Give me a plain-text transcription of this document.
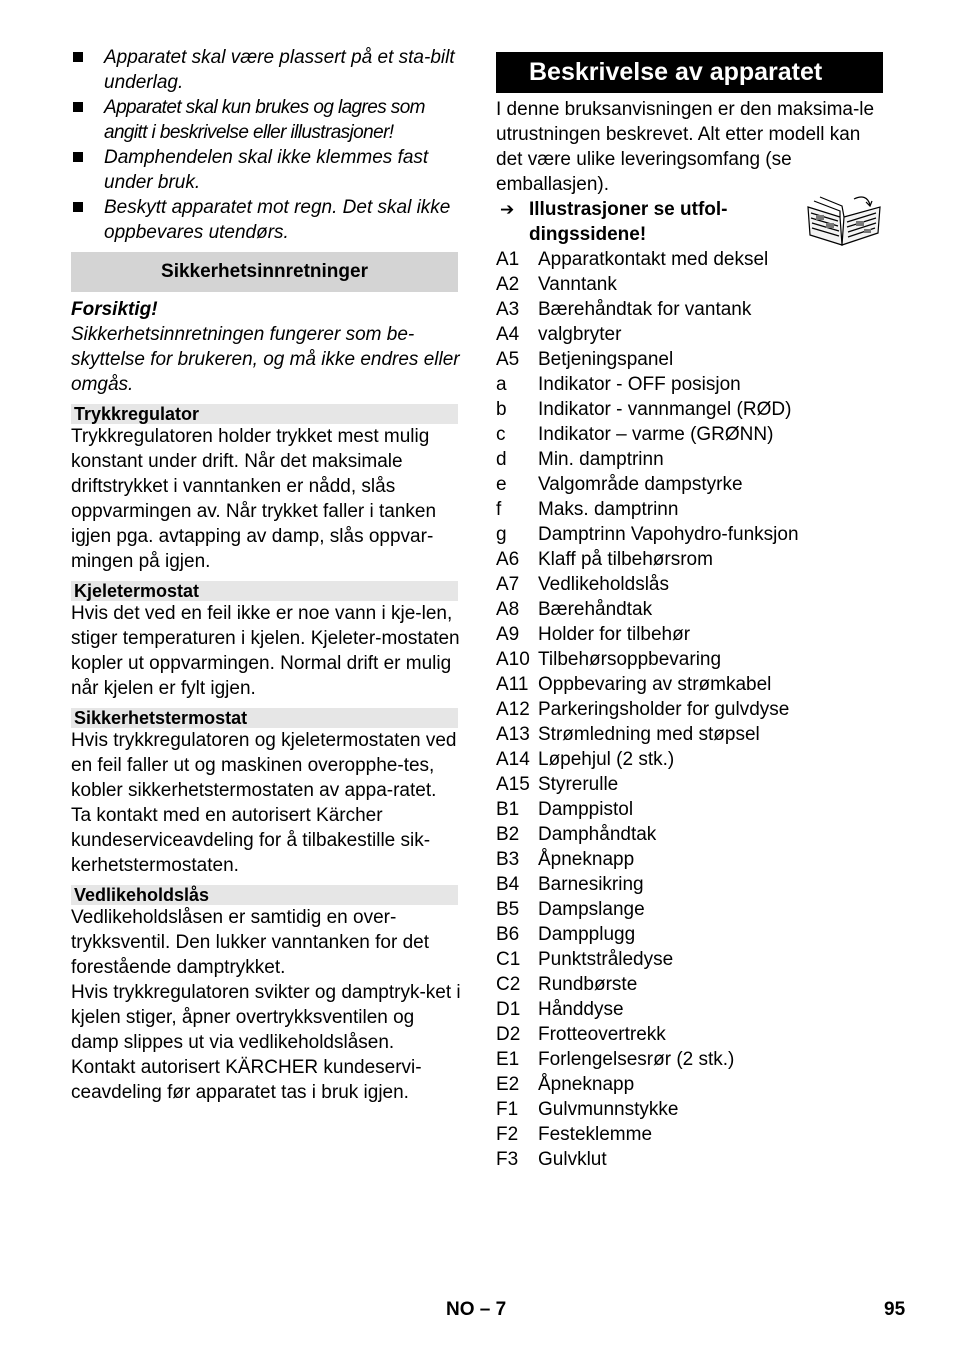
Apparatet skal være plassert på et sta-bilt underlag.
Apparatet skal kun brukes og lagres som angitt i beskrivelse eller illustrasjoner!
Damphendelen skal ikke klemmes fast under bruk.
Beskytt apparatet mot regn. Det skal ikke oppbevares utendørs.
Sikkerhetsinnretninger
Forsiktig!
Sikkerhetsinnretningen fungerer som be-skyttelse for brukeren, og må ikke endres eller omgås.
Trykkregulator

Trykkregulatoren holder trykket mest mulig konstant under drift. Når det maksimale driftstrykket i vanntanken er nådd, slås oppvarmingen av. Når trykket faller i tanken igjen pga. avtapping av damp, slås oppvar-mingen på igjen.

Kjeletermostat

Hvis det ved en feil ikke er noe vann i kje-len, stiger temperaturen i kjelen. Kjeleter-mostaten kopler ut oppvarmingen. Normal drift er mulig når kjelen er fylt igjen.

Sikkerhetstermostat

Hvis trykkregulatoren og kjeletermostaten ved en feil faller ut og maskinen overopphe-tes, kobler sikkerhetstermostaten av appa-ratet. Ta kontakt med en autorisert Kärcher kundeserviceavdeling for å tilbakestille sik-kerhetstermostaten.

Vedlikeholdslås

Vedlikeholdslåsen er samtidig en over-trykksventil. Den lukker vanntanken for det forestående damptrykket.

Hvis trykkregulatoren svikter og damptryk-ket i kjelen stiger, åpner overtrykksventilen og damp slippes ut via vedlikeholdslåsen. Kontakt autorisert KÄRCHER kundeservi-ceavdeling før apparatet tas i bruk igjen.

Beskrivelse av apparatet
I denne bruksanvisningen er den maksima-le utrustningen beskrevet. Alt etter modell kan det være ulike leveringsomfang (se emballasjen).
➔ Illustrasjoner se utfol-dingssidene!
A1 Apparatkontakt med deksel
A2 Vanntank
A3 Bærehåndtak for vantank
A4 valgbryter
A5 Betjeningspanel
a Indikator - OFF posisjon
b Indikator - vannmangel (RØD)
c Indikator – varme (GRØNN)
d Min. damptrinn
e Valgområde dampstyrke
f Maks. damptrinn
g Damptrinn Vapohydro-funksjon
A6 Klaff på tilbehørsrom
A7 Vedlikeholdslås
A8 Bærehåndtak
A9 Holder for tilbehør
A10 Tilbehørsoppbevaring
A11 Oppbevaring av strømkabel
A12 Parkeringsholder for gulvdyse
A13 Strømledning med støpsel
A14 Løpehjul (2 stk.)
A15 Styrerulle
B1 Damppistol
B2 Damphåndtak
B3 Åpneknapp
B4 Barnesikring
B5 Dampslange
B6 Dampplugg
C1 Punktstråledyse
C2 Rundbørste
D1 Hånddyse
D2 Frotteovertrekk
E1 Forlengelsesrør (2 stk.)
E2 Åpneknapp
F1 Gulvmunnstykke
F2 Festeklemme
F3 Gulvklut
NO – 7	95
